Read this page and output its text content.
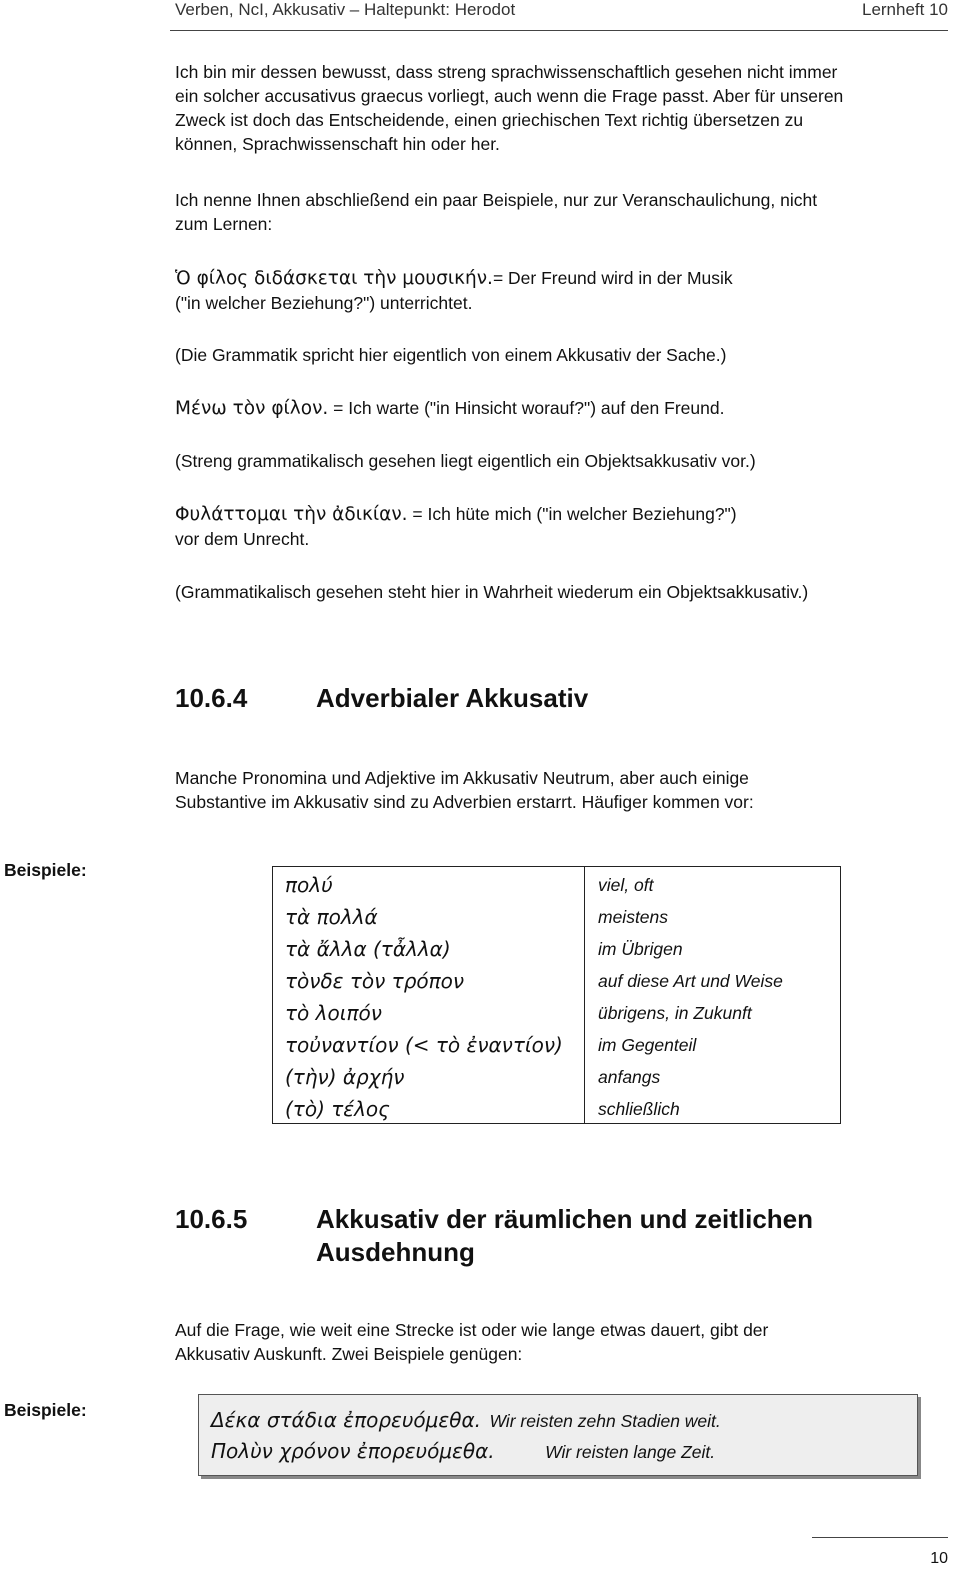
Verben, NcI, Akkusativ – Haltepunkt: Herodot	Lernheft 10
Ich bin mir dessen bewusst, dass streng sprachwissenschaftlich gesehen nicht immer
ein solcher accusativus graecus vorliegt, auch wenn die Frage passt. Aber für unseren
Zweck ist doch das Entscheidende, einen griechischen Text richtig übersetzen zu
können, Sprachwissenschaft hin oder her.
Ich nenne Ihnen abschließend ein paar Beispiele, nur zur Veranschaulichung, nicht
zum Lernen:
Ὁ φίλος διδάσκεται τὴν μουσικήν.= Der Freund wird in der Musik
("in welcher Beziehung?") unterrichtet.
(Die Grammatik spricht hier eigentlich von einem Akkusativ der Sache.)
Μένω τὸν φίλον. = Ich warte ("in Hinsicht worauf?") auf den Freund.
(Streng grammatikalisch gesehen liegt eigentlich ein Objektsakkusativ vor.)
Φυλάττομαι τὴν ἀδικίαν. = Ich hüte mich ("in welcher Beziehung?")
vor dem Unrecht.
(Grammatikalisch gesehen steht hier in Wahrheit wiederum ein Objektsakkusativ.)
10.6.4	Adverbialer Akkusativ
Manche Pronomina und Adjektive im Akkusativ Neutrum, aber auch einige
Substantive im Akkusativ sind zu Adverbien erstarrt. Häufiger kommen vor:
Beispiele:
πολύ	viel, oft
τὰ πολλά	meistens
τὰ ἄλλα (τἆλλα)	im Übrigen
τὸνδε τὸν τρόπον	auf diese Art und Weise
τὸ λοιπόν	übrigens, in Zukunft
τοὐναντίον (< τὸ ἐναντίον) im Gegenteil
(τὴν) ἀρχήν	anfangs
(τὸ) τέλος	schließlich
10.6.5	Akkusativ der räumlichen und zeitlichen
Ausdehnung
Auf die Frage, wie weit eine Strecke ist oder wie lange etwas dauert, gibt der
Akkusativ Auskunft. Zwei Beispiele genügen:
Beispiele:	Δέκα στάδια ἐπορευόμεθα. Wir reisten zehn Stadien weit.
Πολὺν χρόνον ἐπορευόμεθα.	Wir reisten lange Zeit.
10
